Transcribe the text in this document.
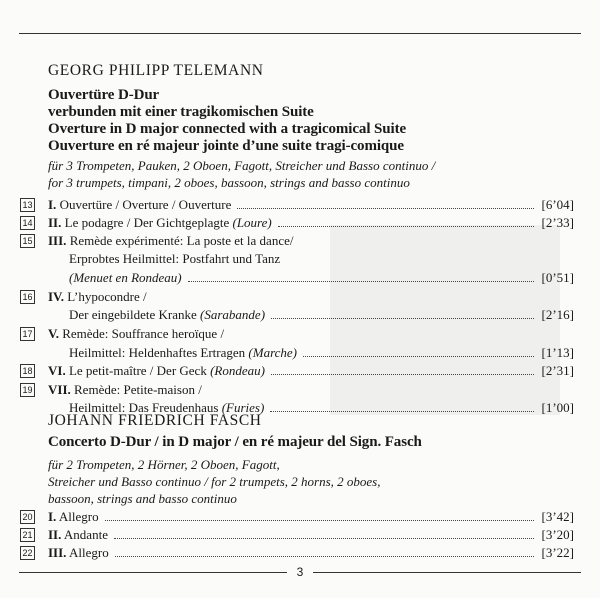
GEORG PHILIPP TELEMANN
Ouvertüre D-Dur
verbunden mit einer tragikomischen Suite
Overture in D major connected with a tragicomical Suite
Ouverture en ré majeur jointe d’une suite tragi-comique
für 3 Trompeten, Pauken, 2 Oboen, Fagott, Streicher und Basso continuo /
for 3 trumpets, timpani, 2 oboes, bassoon, strings and basso continuo
13 I. Ouvertüre / Overture / Ouverture	[6’04]
14 II. Le podagre / Der Gichtgeplagte (Loure)	[2’33]
15 III. Remède expérimenté: La poste et la dance/
Erprobtes Heilmittel: Postfahrt und Tanz
(Menuet en Rondeau)	[0’51]
16 IV. L’hypocondre /
Der eingebildete Kranke (Sarabande)	[2’16]
17 V. Remède: Souffrance heroïque /
Heilmittel: Heldenhaftes Ertragen (Marche)	[1’13]
18 VI. Le petit-maître / Der Geck (Rondeau)	[2’31]
19 VII. Remède: Petite-maison /
Heilmittel: Das Freudenhaus (Furies)	[1’00]
JOHANN FRIEDRICH FASCH
Concerto D-Dur / in D major / en ré majeur del Sign. Fasch
für 2 Trompeten, 2 Hörner, 2 Oboen, Fagott,
Streicher und Basso continuo / for 2 trumpets, 2 horns, 2 oboes,
bassoon, strings and basso continuo
20 I. Allegro	[3’42]
21 II. Andante	[3’20]
22 III. Allegro	[3’22]
3
